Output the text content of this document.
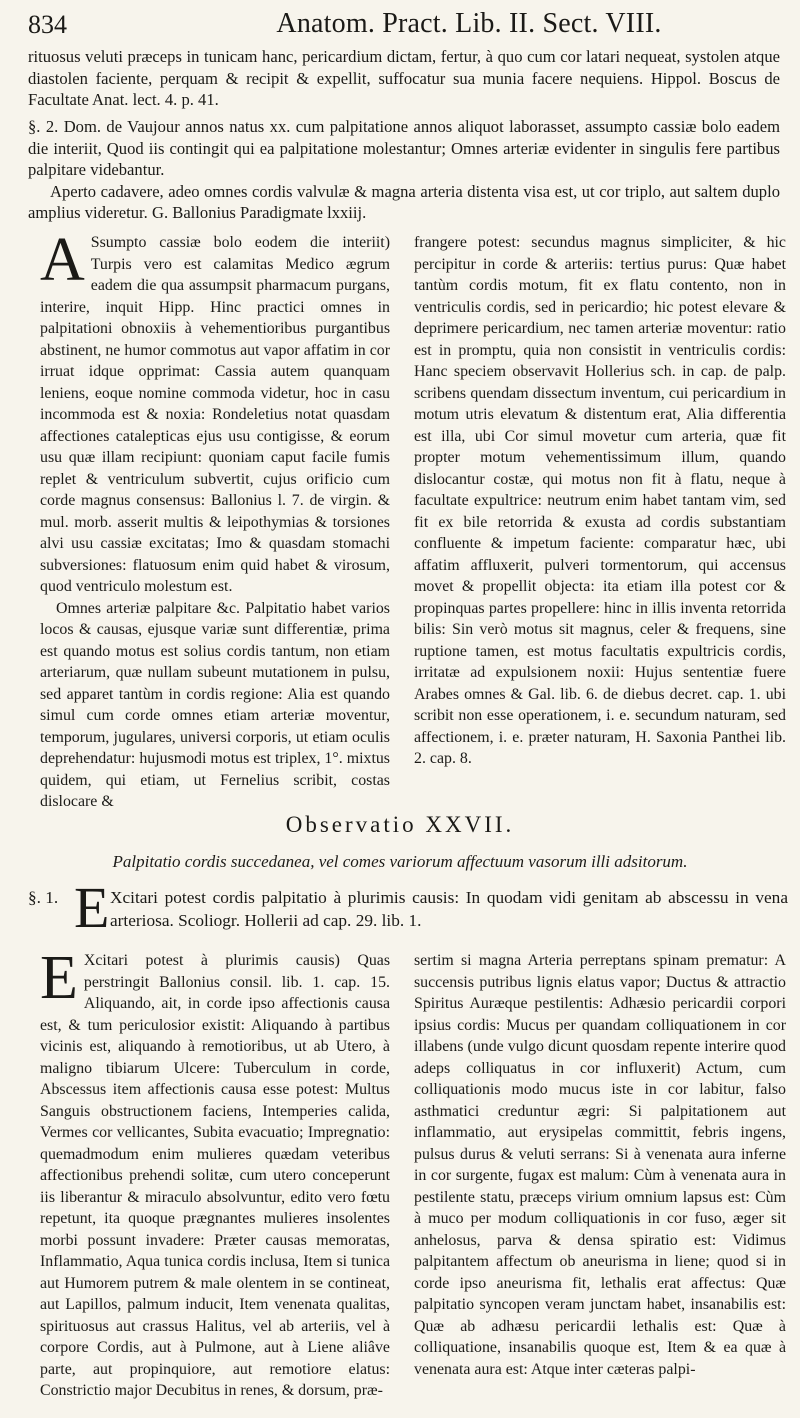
834	Anatom. Pract. Lib. II. Sect. VIII.

rituosus veluti præceps in tunicam hanc, pericardium dictam, fertur, à quo cum cor latari nequeat, systolen atque diastolen faciente, perquam & recipit & expellit, suffocatur sua munia facere nequiens. Hippol. Boscus de Facultate Anat. lect. 4. p. 41.

§. 2. Dom. de Vaujour annos natus xx. cum palpitatione annos aliquot laborasset, assumpto cassiæ bolo eadem die interiit, Quod iis contingit qui ea palpitatione molestantur; Omnes arteriæ evidenter in singulis fere partibus palpitare videbantur.

Aperto cadavere, adeo omnes cordis valvulæ & magna arteria distenta visa est, ut cor triplo, aut saltem duplo amplius videretur. G. Ballonius Paradigmate lxxiij.

A Ssumpto cassiæ bolo eodem die interiit) Turpis vero est calamitas Medico ægrum eadem die qua assumpsit pharmacum purgans, interire, inquit Hipp. Hinc practici omnes in palpitationi obnoxiis à vehementioribus purgantibus abstinent, ne humor commotus aut vapor affatim in cor irruat idque opprimat: Cassia autem quanquam leniens, eoque nomine commoda videtur, hoc in casu incommoda est & noxia: Rondeletius notat quasdam affectiones catalepticas ejus usu contigisse, & eorum usu quæ illam recipiunt: quoniam caput facile fumis replet & ventriculum subvertit, cujus orificio cum corde magnus consensus: Ballonius l. 7. de virgin. & mul. morb. asserit multis & leipothymias & torsiones alvi usu cassiæ excitatas; Imo & quasdam stomachi subversiones: flatuosum enim quid habet & virosum, quod ventriculo molestum est.

Omnes arteriæ palpitare &c. Palpitatio habet varios locos & causas, ejusque variæ sunt differentiæ, prima est quando motus est solius cordis tantum, non etiam arteriarum, quæ nullam subeunt mutationem in pulsu, sed apparet tantùm in cordis regione: Alia est quando simul cum corde omnes etiam arteriæ moventur, temporum, jugulares, universi corporis, ut etiam oculis deprehendatur: hujusmodi motus est triplex, 1°. mixtus quidem, qui etiam, ut Fernelius scribit, costas dislocare &

frangere potest: secundus magnus simpliciter, & hic percipitur in corde & arteriis: tertius purus: Quæ habet tantùm cordis motum, fit ex flatu contento, non in ventriculis cordis, sed in pericardio; hic potest elevare & deprimere pericardium, nec tamen arteriæ moventur: ratio est in promptu, quia non consistit in ventriculis cordis: Hanc speciem observavit Hollerius sch. in cap. de palp. scribens quendam dissectum inventum, cui pericardium in motum utris elevatum & distentum erat, Alia differentia est illa, ubi Cor simul movetur cum arteria, quæ fit propter motum vehementissimum illum, quando dislocantur costæ, qui motus non fit à flatu, neque à facultate expultrice: neutrum enim habet tantam vim, sed fit ex bile retorrida & exusta ad cordis substantiam confluente & impetum faciente: comparatur hæc, ubi affatim affluxerit, pulveri tormentorum, qui accensus movet & propellit objecta: ita etiam illa potest cor & propinquas partes propellere: hinc in illis inventa retorrida bilis: Sin verò motus sit magnus, celer & frequens, sine ruptione tamen, est motus facultatis expultricis cordis, irritatæ ad expulsionem noxii: Hujus sententiæ fuere Arabes omnes & Gal. lib. 6. de diebus decret. cap. 1. ubi scribit non esse operationem, i. e. secundum naturam, sed affectionem, i. e. præter naturam, H. Saxonia Panthei lib. 2. cap. 8.

Observatio XXVII.
Palpitatio cordis succedanea, vel comes variorum affectuum vasorum illi adsitorum.
§. 1. E Xcitari potest cordis palpitatio à plurimis causis: In quodam vidi genitam ab abscessu in vena arteriosa. Scoliogr. Hollerii ad cap. 29. lib. 1.

E Xcitari potest à plurimis causis) Quas perstringit Ballonius consil. lib. 1. cap. 15. Aliquando, ait, in corde ipso affectionis causa est, & tum periculosior existit: Aliquando à partibus vicinis est, aliquando à remotioribus, ut ab Utero, à maligno tibiarum Ulcere: Tuberculum in corde, Abscessus item affectionis causa esse potest: Multus Sanguis obstructionem faciens, Intemperies calida, Vermes cor vellicantes, Subita evacuatio; Impregnatio: quemadmodum enim mulieres quædam veteribus affectionibus prehendi solitæ, cum utero conceperunt iis liberantur & miraculo absolvuntur, edito vero fœtu repetunt, ita quoque prægnantes mulieres insolentes morbi possunt invadere: Præter causas memoratas, Inflammatio, Aqua tunica cordis inclusa, Item si tunica aut Humorem putrem & male olentem in se contineat, aut Lapillos, palmum inducit, Item venenata qualitas, spirituosus aut crassus Halitus, vel ab arteriis, vel à corpore Cordis, aut à Pulmone, aut à Liene aliâve parte, aut propinquiore, aut remotiore elatus: Constrictio major Decubitus in renes, & dorsum, præ-

sertim si magna Arteria perreptans spinam prematur: A succensis putribus lignis elatus vapor; Ductus & attractio Spiritus Auræque pestilentis: Adhæsio pericardii corpori ipsius cordis: Mucus per quandam colliquationem in cor illabens (unde vulgo dicunt quosdam repente interire quod adeps colliquatus in cor influxerit) Actum, cum colliquationis modo mucus iste in cor labitur, falso asthmatici creduntur ægri: Si palpitationem aut inflammatio, aut erysipelas committit, febris ingens, pulsus durus & veluti serrans: Si à venenata aura inferne in cor surgente, fugax est malum: Cùm à venenata aura in pestilente statu, præceps virium omnium lapsus est: Cùm à muco per modum colliquationis in cor fuso, æger sit anhelosus, parva & densa spiratio est: Vidimus palpitantem affectum ob aneurisma in liene; quod si in corde ipso aneurisma fit, lethalis erat affectus: Quæ palpitatio syncopen veram junctam habet, insanabilis est: Quæ ab adhæsu pericardii lethalis est: Quæ à colliquatione, insanabilis quoque est, Item & ea quæ à venenata aura est: Atque inter cæteras palpi-
